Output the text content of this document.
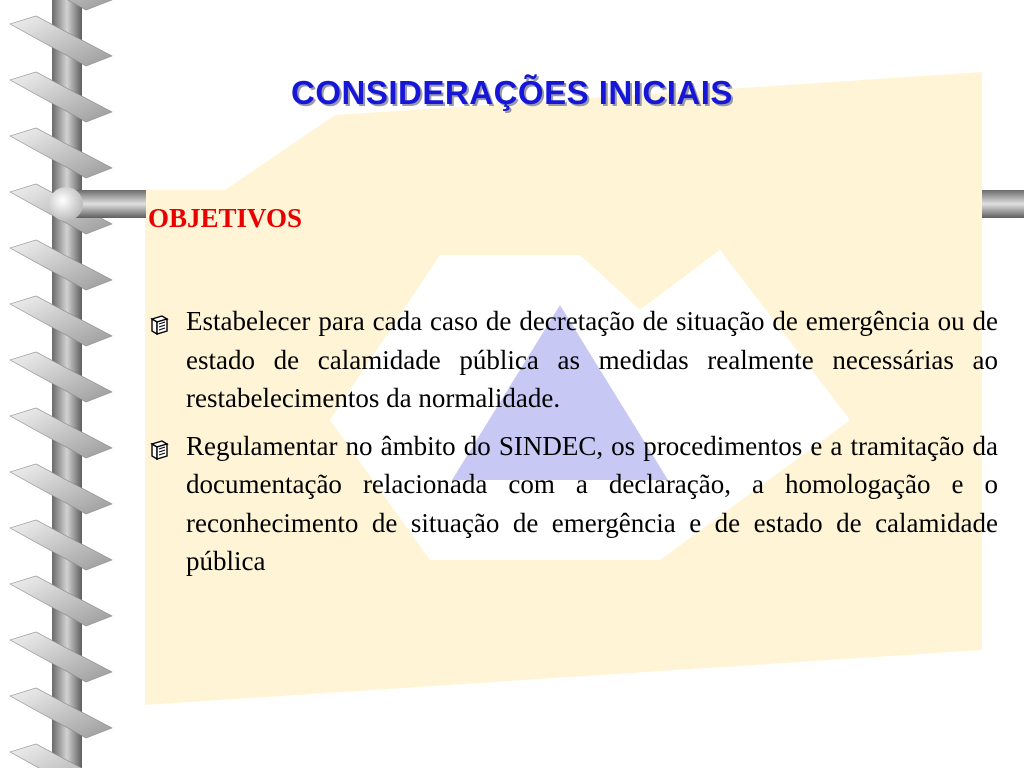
CONSIDERAÇÕES INICIAIS
OBJETIVOS
Estabelecer para cada caso de decretação de situação de emergência ou de estado de calamidade pública as medidas realmente necessárias ao restabelecimentos da normalidade.
Regulamentar no âmbito do SINDEC, os procedimentos e a tramitação da documentação relacionada com a declaração, a homologação e o reconhecimento de situação de emergência e de estado de calamidade pública
